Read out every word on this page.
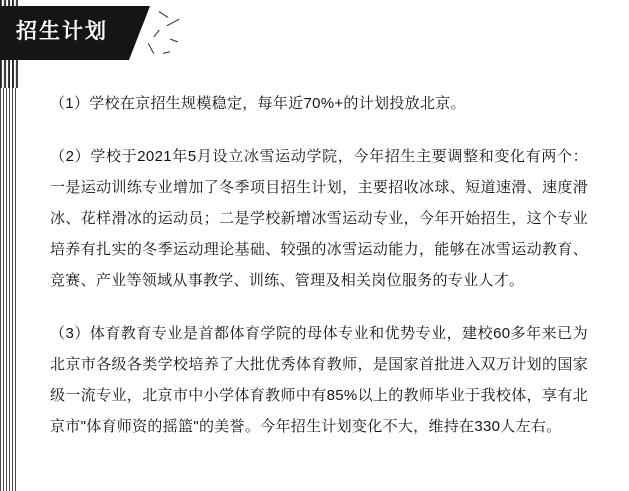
招生计划

（1）学校在京招生规模稳定，每年近70%+的计划投放北京。

（2）学校于2021年5月设立冰雪运动学院，今年招生主要调整和变化有两个：一是运动训练专业增加了冬季项目招生计划，主要招收冰球、短道速滑、速度滑冰、花样滑冰的运动员；二是学校新增冰雪运动专业，今年开始招生，这个专业培养有扎实的冬季运动理论基础、较强的冰雪运动能力，能够在冰雪运动教育、竞赛、产业等领域从事教学、训练、管理及相关岗位服务的专业人才。

（3）体育教育专业是首都体育学院的母体专业和优势专业，建校60多年来已为北京市各级各类学校培养了大批优秀体育教师，是国家首批进入双万计划的国家级一流专业，北京市中小学体育教师中有85%以上的教师毕业于我校体，享有北京市"体育师资的摇篮"的美誉。今年招生计划变化不大，维持在330人左右。
